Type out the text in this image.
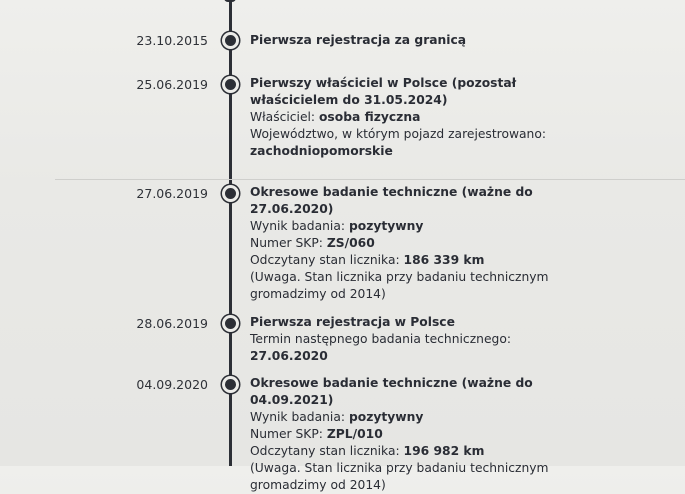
23.10.2015	Pierwsza rejestracja za granicą
25.06.2019	Pierwszy właściciel w Polsce (pozostał właścicielem do 31.05.2024)
Właściciel: osoba fizyczna
Województwo, w którym pojazd zarejestrowano: zachodniopomorskie
27.06.2019	Okresowe badanie techniczne (ważne do 27.06.2020)
Wynik badania: pozytywny
Numer SKP: ZS/060
Odczytany stan licznika: 186 339 km
(Uwaga. Stan licznika przy badaniu technicznym gromadzimy od 2014)
28.06.2019	Pierwsza rejestracja w Polsce
Termin następnego badania technicznego: 27.06.2020
04.09.2020	Okresowe badanie techniczne (ważne do 04.09.2021)
Wynik badania: pozytywny
Numer SKP: ZPL/010
Odczytany stan licznika: 196 982 km
(Uwaga. Stan licznika przy badaniu technicznym gromadzimy od 2014)
